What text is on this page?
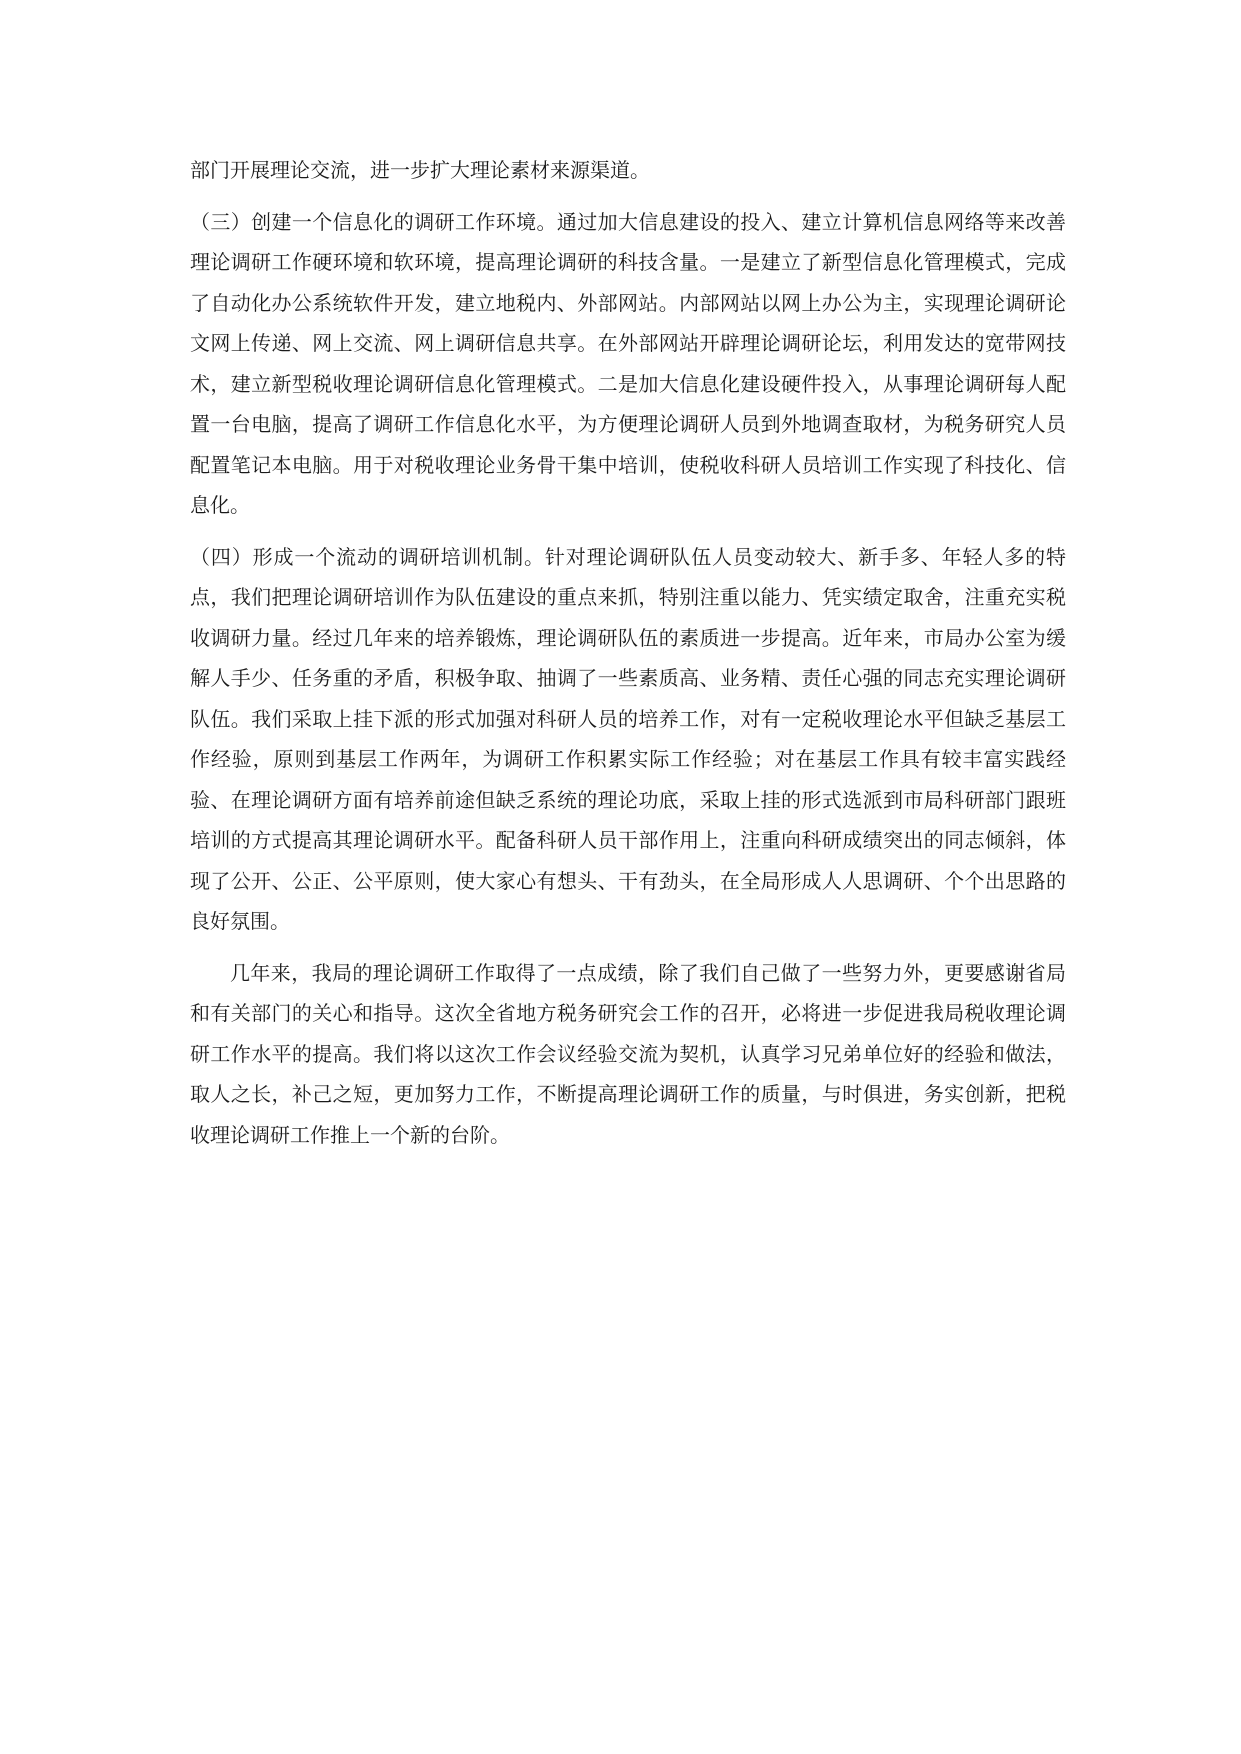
部门开展理论交流，进一步扩大理论素材来源渠道。

（三）创建一个信息化的调研工作环境。通过加大信息建设的投入、建立计算机信息网络等来改善理论调研工作硬环境和软环境，提高理论调研的科技含量。一是建立了新型信息化管理模式，完成了自动化办公系统软件开发，建立地税内、外部网站。内部网站以网上办公为主，实现理论调研论文网上传递、网上交流、网上调研信息共享。在外部网站开辟理论调研论坛，利用发达的宽带网技术，建立新型税收理论调研信息化管理模式。二是加大信息化建设硬件投入，从事理论调研每人配置一台电脑，提高了调研工作信息化水平，为方便理论调研人员到外地调查取材，为税务研究人员配置笔记本电脑。用于对税收理论业务骨干集中培训，使税收科研人员培训工作实现了科技化、信息化。

（四）形成一个流动的调研培训机制。针对理论调研队伍人员变动较大、新手多、年轻人多的特点，我们把理论调研培训作为队伍建设的重点来抓，特别注重以能力、凭实绩定取舍，注重充实税收调研力量。经过几年来的培养锻炼，理论调研队伍的素质进一步提高。近年来，市局办公室为缓解人手少、任务重的矛盾，积极争取、抽调了一些素质高、业务精、责任心强的同志充实理论调研队伍。我们采取上挂下派的形式加强对科研人员的培养工作，对有一定税收理论水平但缺乏基层工作经验，原则到基层工作两年，为调研工作积累实际工作经验；对在基层工作具有较丰富实践经验、在理论调研方面有培养前途但缺乏系统的理论功底，采取上挂的形式选派到市局科研部门跟班培训的方式提高其理论调研水平。配备科研人员干部作用上，注重向科研成绩突出的同志倾斜，体现了公开、公正、公平原则，使大家心有想头、干有劲头，在全局形成人人思调研、个个出思路的良好氛围。

几年来，我局的理论调研工作取得了一点成绩，除了我们自己做了一些努力外，更要感谢省局和有关部门的关心和指导。这次全省地方税务研究会工作的召开，必将进一步促进我局税收理论调研工作水平的提高。我们将以这次工作会议经验交流为契机，认真学习兄弟单位好的经验和做法，取人之长，补己之短，更加努力工作，不断提高理论调研工作的质量，与时俱进，务实创新，把税收理论调研工作推上一个新的台阶。
